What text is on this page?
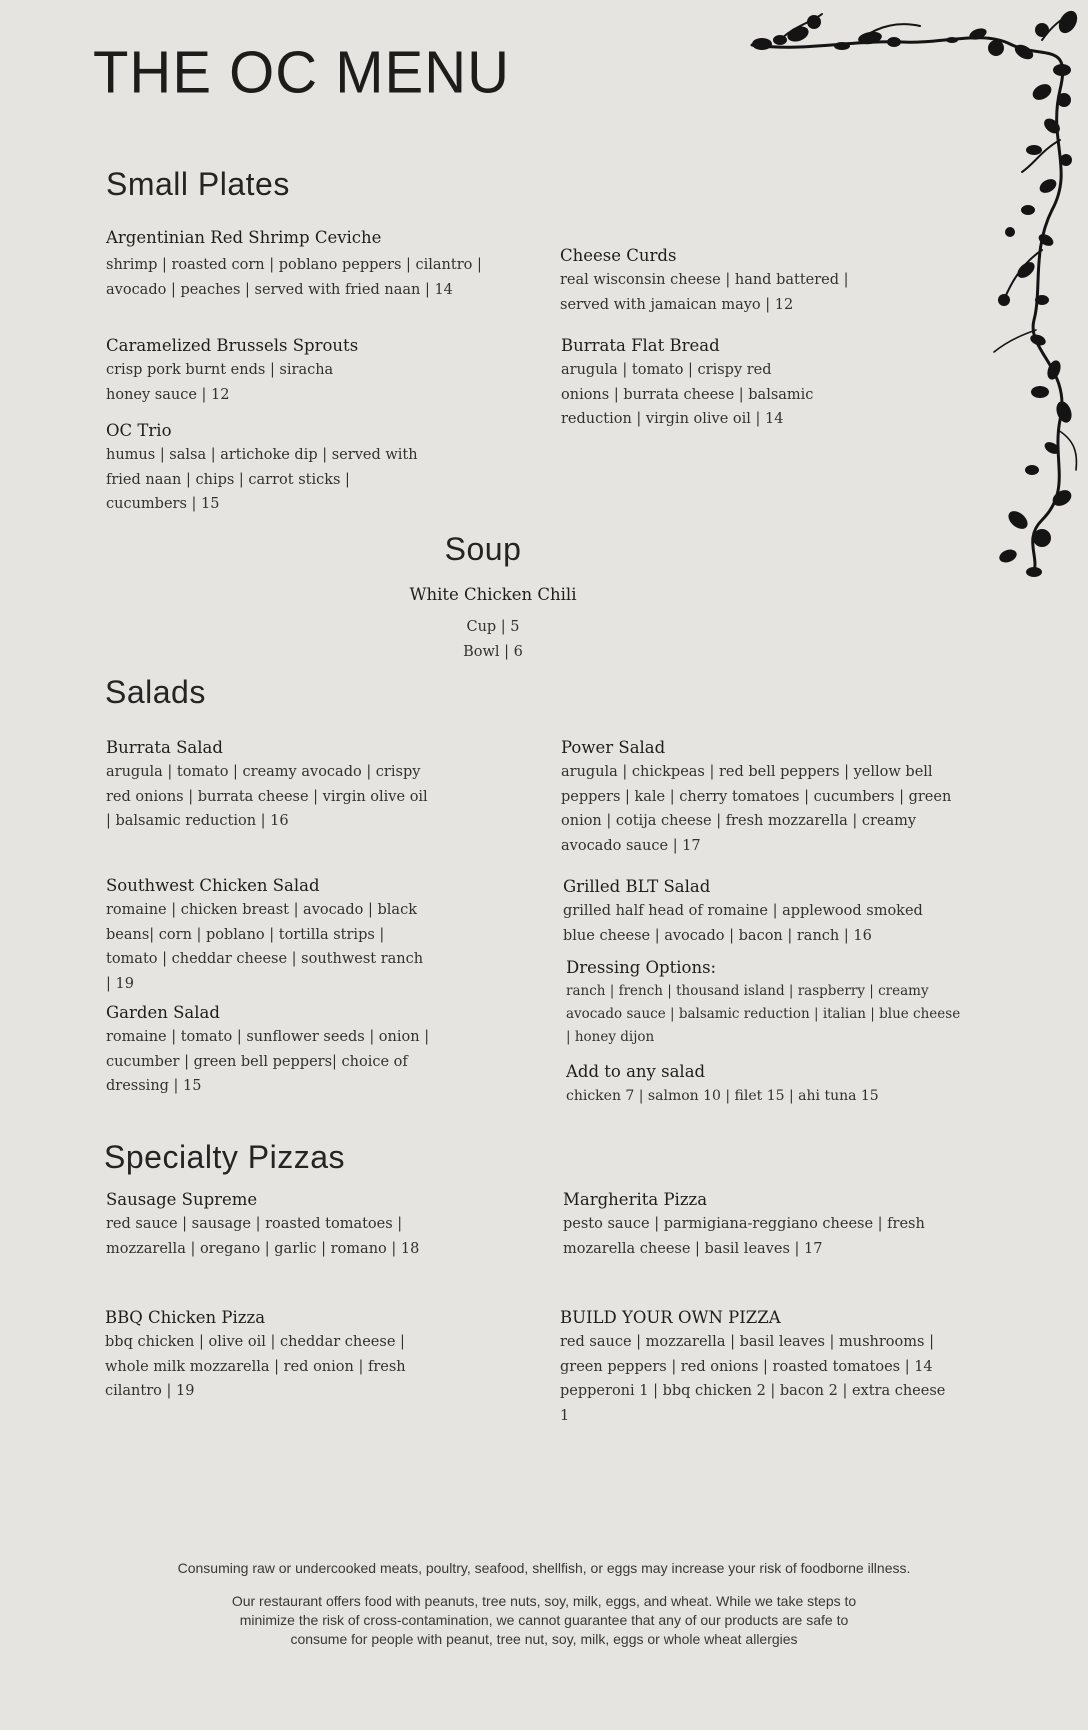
THE OC MENU
Small Plates

Argentinian Red Shrimp Ceviche

shrimp | roasted corn | poblano peppers | cilantro |

avocado | peaches | served with fried naan | 14

Caramelized Brussels Sprouts

crisp pork burnt ends | siracha

honey sauce | 12

OC Trio

humus | salsa | artichoke dip | served with

fried naan | chips | carrot sticks |

cucumbers | 15

Cheese Curds

real wisconsin cheese | hand battered |

served with jamaican mayo | 12

Burrata Flat Bread

arugula | tomato | crispy red

onions | burrata cheese | balsamic

reduction | virgin olive oil | 14

Soup

White Chicken Chili

Cup | 5

Bowl | 6

Salads

Burrata Salad

arugula | tomato | creamy avocado | crispy

red onions | burrata cheese | virgin olive oil

| balsamic reduction | 16

Southwest Chicken Salad

romaine | chicken breast | avocado | black

beans| corn | poblano | tortilla strips |

tomato | cheddar cheese | southwest ranch

| 19

Garden Salad

romaine | tomato | sunflower seeds | onion |

cucumber | green bell peppers| choice of

dressing | 15

Power Salad

arugula | chickpeas | red bell peppers | yellow bell

peppers | kale | cherry tomatoes | cucumbers | green

onion | cotija cheese | fresh mozzarella | creamy

avocado sauce | 17

Grilled BLT Salad

grilled half head of romaine | applewood smoked

blue cheese | avocado | bacon | ranch | 16

Dressing Options:

ranch | french | thousand island | raspberry | creamy

avocado sauce | balsamic reduction | italian | blue cheese

| honey dijon

Add to any salad

chicken 7 | salmon 10 | filet 15 | ahi tuna 15

Specialty Pizzas

Sausage Supreme

red sauce | sausage | roasted tomatoes |

mozzarella | oregano | garlic | romano | 18

BBQ Chicken Pizza

bbq chicken | olive oil | cheddar cheese |

whole milk mozzarella | red onion | fresh

cilantro | 19

Margherita Pizza

pesto sauce | parmigiana-reggiano cheese | fresh

mozarella cheese | basil leaves | 17

BUILD YOUR OWN PIZZA

red sauce | mozzarella | basil leaves | mushrooms |

green peppers | red onions | roasted tomatoes | 14

pepperoni 1 | bbq chicken 2 | bacon 2 | extra cheese

1

Consuming raw or undercooked meats, poultry, seafood, shellfish, or eggs may increase your risk of foodborne illness.
Our restaurant offers food with peanuts, tree nuts, soy, milk, eggs, and wheat. While we take steps to
minimize the risk of cross-contamination, we cannot guarantee that any of our products are safe to
consume for people with peanut, tree nut, soy, milk, eggs or whole wheat allergies
